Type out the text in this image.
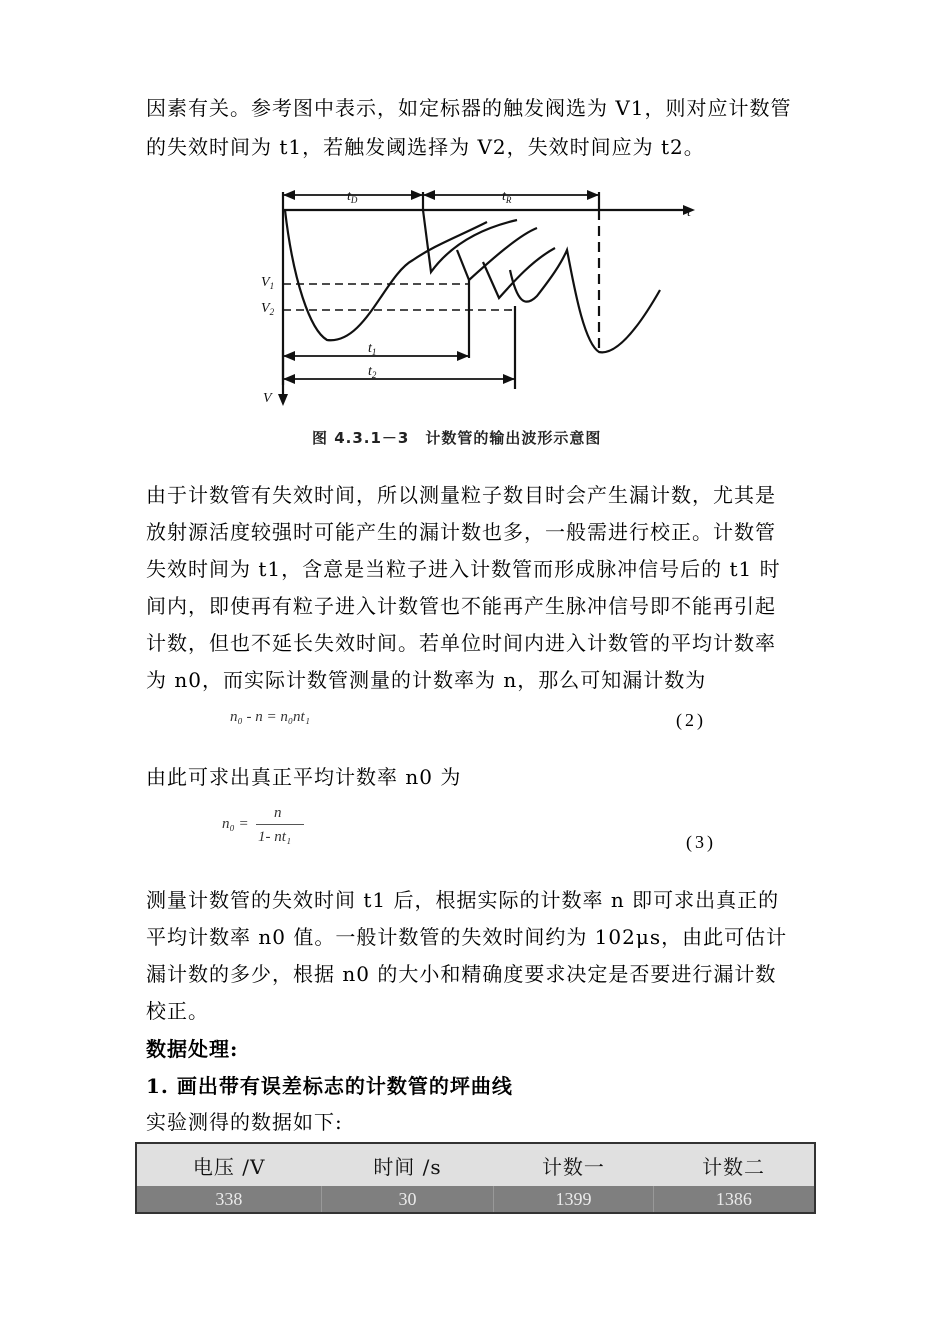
因素有关。参考图中表示，如定标器的触发阀选为 V1，则对应计数管
的失效时间为 t1，若触发阈选择为 V2，失效时间应为 t2。
$t_D$	$t_R$
t
V
$V_1$
$V_2$
$t_1$
$t_2$
图 4.3.1－3　计数管的输出波形示意图
由于计数管有失效时间，所以测量粒子数目时会产生漏计数，尤其是
放射源活度较强时可能产生的漏计数也多，一般需进行校正。计数管
失效时间为 t1，含意是当粒子进入计数管而形成脉冲信号后的 t1 时
间内，即使再有粒子进入计数管也不能再产生脉冲信号即不能再引起
计数，但也不延长失效时间。若单位时间内进入计数管的平均计数率
为 n0，而实际计数管测量的计数率为 n，那么可知漏计数为
n₀ - n = n₀nt₁	(2)
由此可求出真正平均计数率 n0 为
n₀ =
n
1- nt₁	(3)
测量计数管的失效时间 t1 后，根据实际的计数率 n 即可求出真正的
平均计数率 n0 值。一般计数管的失效时间约为 102μs，由此可估计
漏计数的多少，根据 n0 的大小和精确度要求决定是否要进行漏计数
校正。
数据处理:
1. 画出带有误差标志的计数管的坪曲线
实验测得的数据如下:
电压 /V	时间 /s	计数一	计数二
338	30	1399	1386
